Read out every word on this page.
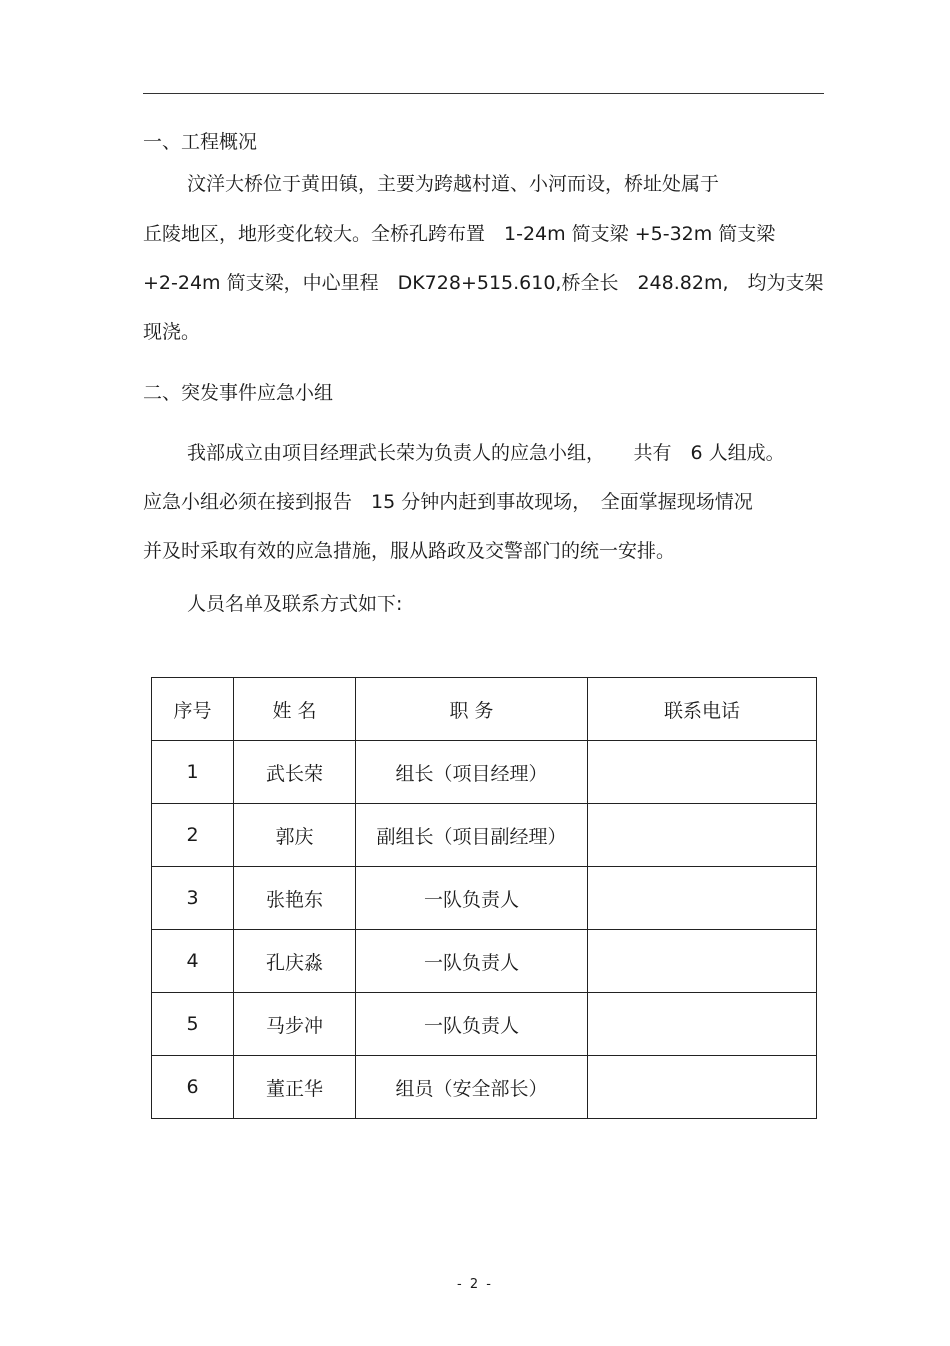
一、工程概况
汶洋大桥位于黄田镇，主要为跨越村道、小河而设，桥址处属于
丘陵地区，地形变化较大。全桥孔跨布置　1-24m 简支梁 +5-32m 简支梁
+2-24m 简支梁，中心里程　DK728+515.610,桥全长　248.82m,　均为支架
现浇。
二、突发事件应急小组
我部成立由项目经理武长荣为负责人的应急小组，　　共有　6 人组成。
应急小组必须在接到报告　15 分钟内赶到事故现场，　全面掌握现场情况
并及时采取有效的应急措施，服从路政及交警部门的统一安排。
人员名单及联系方式如下:
序号	姓 名	职 务	联系电话
1	武长荣	组长（项目经理）	
2	郭庆	副组长（项目副经理）	
3	张艳东	一队负责人	
4	孔庆淼	一队负责人	
5	马步冲	一队负责人	
6	董正华	组员（安全部长）	
- 2 -
